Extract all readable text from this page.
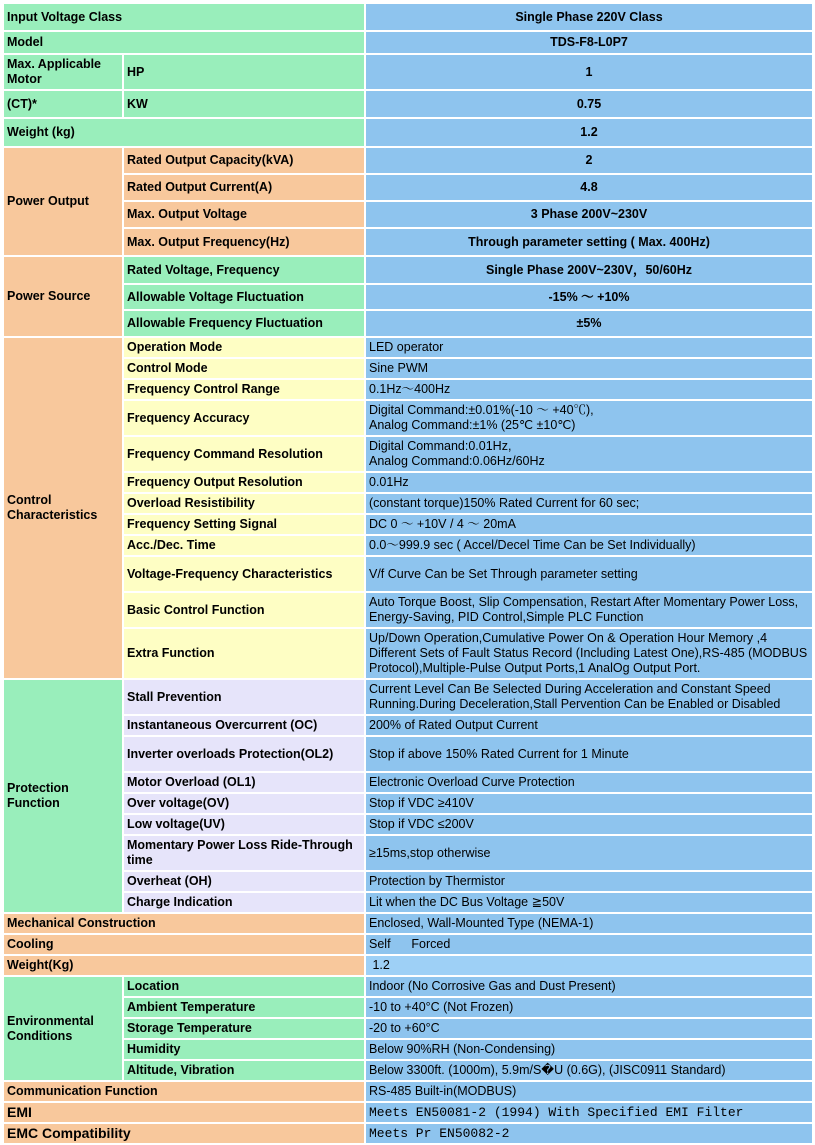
Input Voltage Class		Single Phase 220V Class
Model		TDS-F8-L0P7
Max. Applicable Motor	HP	1
(CT)*	KW	0.75
Weight (kg)		1.2
Power Output	Rated Output Capacity(kVA)	2
	Rated Output Current(A)	4.8
	Max. Output Voltage	3 Phase 200V~230V
	Max. Output Frequency(Hz)	Through parameter setting ( Max. 400Hz)
Power Source	Rated Voltage, Frequency	Single Phase 200V~230V，50/60Hz
	Allowable Voltage Fluctuation	-15% ～ +10%
	Allowable Frequency Fluctuation	±5%
Control Characteristics	Operation Mode	LED operator
	Control Mode	Sine PWM
	Frequency Control Range	0.1Hz～400Hz
	Frequency Accuracy	Digital Command:±0.01%(-10 ～ +40℃),
Analog Command:±1% (25℃ ±10℃)

	Frequency Command Resolution	Digital Command:0.01Hz,
Analog Command:0.06Hz/60Hz

	Frequency Output Resolution	0.01Hz
	Overload Resistibility	(constant torque)150% Rated Current for 60 sec;
	Frequency Setting Signal	DC 0 ～ +10V / 4 ～ 20mA
	Acc./Dec. Time	0.0～999.9 sec ( Accel/Decel Time Can be Set Individually)
	Voltage-Frequency Characteristics	V/f Curve Can be Set Through parameter setting
	Basic Control Function	Auto Torque Boost, Slip Compensation, Restart After Momentary Power Loss, Energy-Saving, PID Control,Simple PLC Function
	Extra Function	Up/Down Operation,Cumulative Power On & Operation Hour Memory ,4 Different Sets of Fault Status Record (Including Latest One),RS-485 (MODBUS Protocol),Multiple-Pulse Output Ports,1 AnalOg Output Port.
Protection Function	Stall Prevention	Current Level Can Be Selected During Acceleration and Constant Speed Running.During Deceleration,Stall Pervention Can be Enabled or Disabled
	Instantaneous Overcurrent (OC)	200% of Rated Output Current
	Inverter overloads Protection(OL2)	Stop if above 150% Rated Current for 1 Minute
	Motor Overload (OL1)	Electronic Overload Curve Protection
	Over voltage(OV)	Stop if VDC ≥410V
	Low voltage(UV)	Stop if VDC ≤200V
	Momentary Power Loss Ride-Through time	≥15ms,stop otherwise
	Overheat (OH)	Protection by Thermistor
	Charge Indication	Lit when the DC Bus Voltage ≧50V
Mechanical Construction		Enclosed, Wall-Mounted Type (NEMA-1)
Cooling		Self      Forced
Weight(Kg)		1.2
Environmental Conditions	Location	Indoor (No Corrosive Gas and Dust Present)
	Ambient Temperature	-10 to +40°C (Not Frozen)
	Storage Temperature	-20 to +60°C
	Humidity	Below 90%RH (Non-Condensing)
	Altitude, Vibration	Below 3300ft. (1000m), 5.9m/S�U (0.6G), (JISC0911 Standard)
Communication Function		RS-485 Built-in(MODBUS)
EMI		Meets EN50081-2 (1994) With Specified EMI Filter
EMC Compatibility		Meets Pr EN50082-2
